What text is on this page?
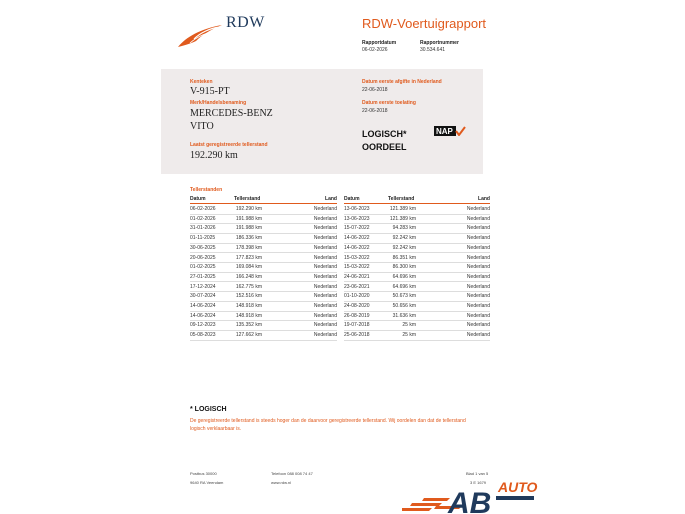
RDW	RDW-Voertuigrapport
Rapportdatum
06-02-2026
Rapportnummer
30.534.641
Kenteken
V-915-PT
Merk/Handelsbenaming
MERCEDES-BENZ
VITO
Laatst geregistreerde tellerstand
192.290 km
Datum eerste afgifte in Nederland
22-06-2018
Datum eerste toelating
22-06-2018
LOGISCH*
OORDEEL
NAP
Tellerstanden
Datum	Tellerstand	Land
06-02-2026	192.290 km	Nederland
01-02-2026	191.988 km	Nederland
31-01-2026	191.988 km	Nederland
01-11-2025	186.336 km	Nederland
30-06-2025	178.398 km	Nederland
20-06-2025	177.823 km	Nederland
01-02-2025	169.084 km	Nederland
27-01-2025	166.248 km	Nederland
17-12-2024	162.775 km	Nederland
30-07-2024	152.516 km	Nederland
14-06-2024	148.918 km	Nederland
14-06-2024	148.918 km	Nederland
09-12-2023	135.352 km	Nederland
05-08-2023	127.662 km	Nederland
Datum	Tellerstand	Land
13-06-2023	121.389 km	Nederland
13-06-2023	121.389 km	Nederland
15-07-2022	94.283 km	Nederland
14-06-2022	92.242 km	Nederland
14-06-2022	92.242 km	Nederland
15-03-2022	86.351 km	Nederland
15-03-2022	86.300 km	Nederland
24-06-2021	64.696 km	Nederland
23-06-2021	64.696 km	Nederland
01-10-2020	50.673 km	Nederland
24-08-2020	50.656 km	Nederland
26-08-2019	31.636 km	Nederland
19-07-2018	25 km	Nederland
25-06-2018	25 km	Nederland
* LOGISCH
De geregistreerde tellerstand is steeds hoger dan de daarvoor geregistreerde tellerstand. Wij oordelen dan dat de tellerstand logisch verklaarbaar is.
Postbus 30000
9640 RA Veendam
Telefoon 088 008 74 47
www.rdw.nl
Blad 1 van 5
3 E 1679
AB AUTO
